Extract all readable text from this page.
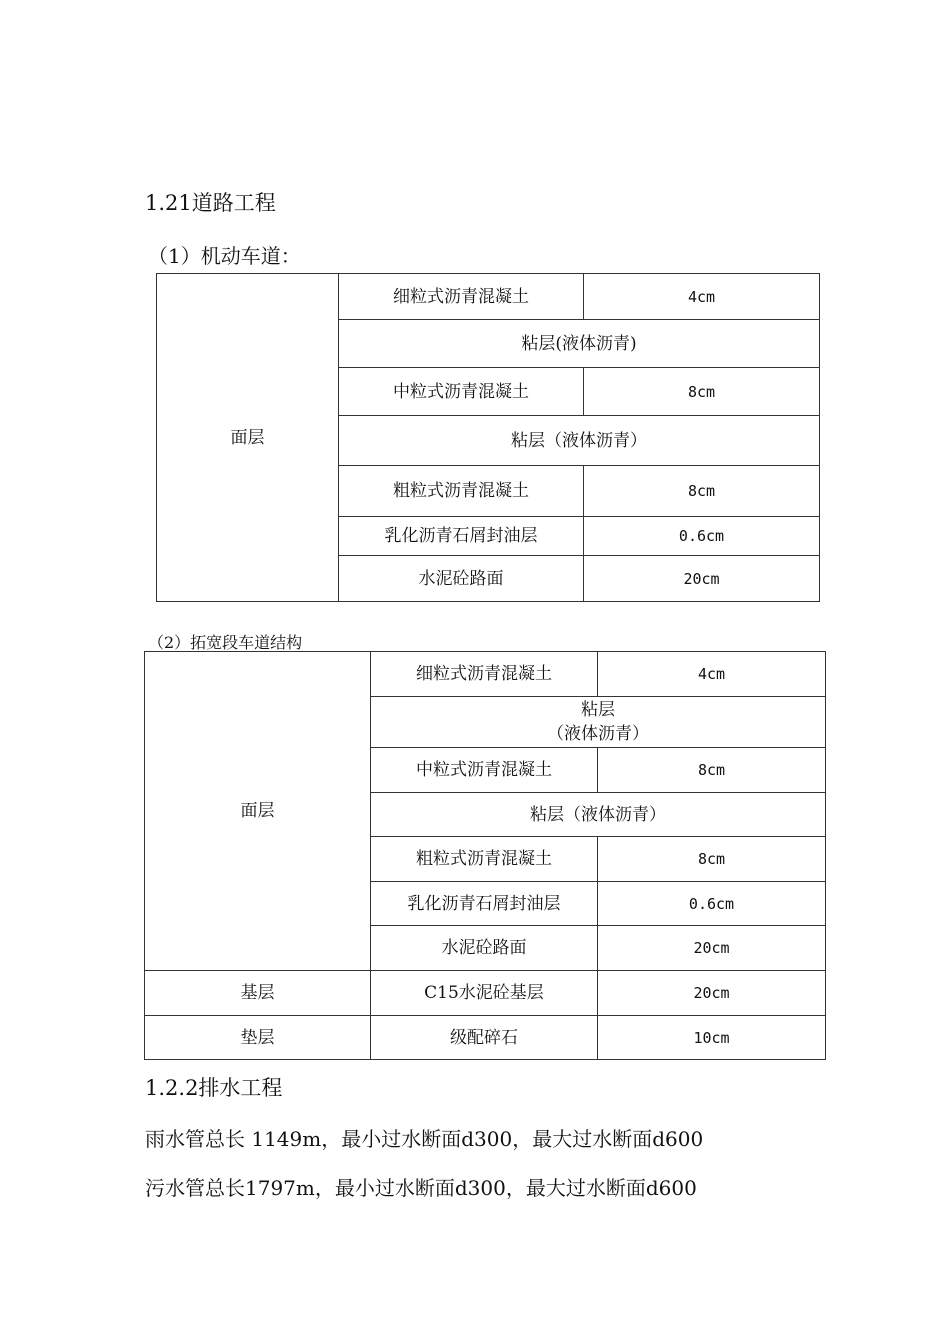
1.21道路工程
（1）机动车道：
面层	细粒式沥青混凝土	4cm
	粘层(液体沥青)	
	中粒式沥青混凝土	8cm
	粘层（液体沥青）	
	粗粒式沥青混凝土	8cm
	乳化沥青石屑封油层	0.6cm
	水泥砼路面	20cm
（2）拓宽段车道结构
面层	细粒式沥青混凝土	4cm

	粘层
（液体沥青）	

	中粒式沥青混凝土	8cm
	粘层（液体沥青）	
	粗粒式沥青混凝土	8cm
	乳化沥青石屑封油层	0.6cm
	水泥砼路面	20cm
基层	C15水泥砼基层	20cm
垫层	级配碎石	10cm
1.2.2排水工程
雨水管总长 1149m，最小过水断面d300，最大过水断面d600
污水管总长1797m，最小过水断面d300，最大过水断面d600
